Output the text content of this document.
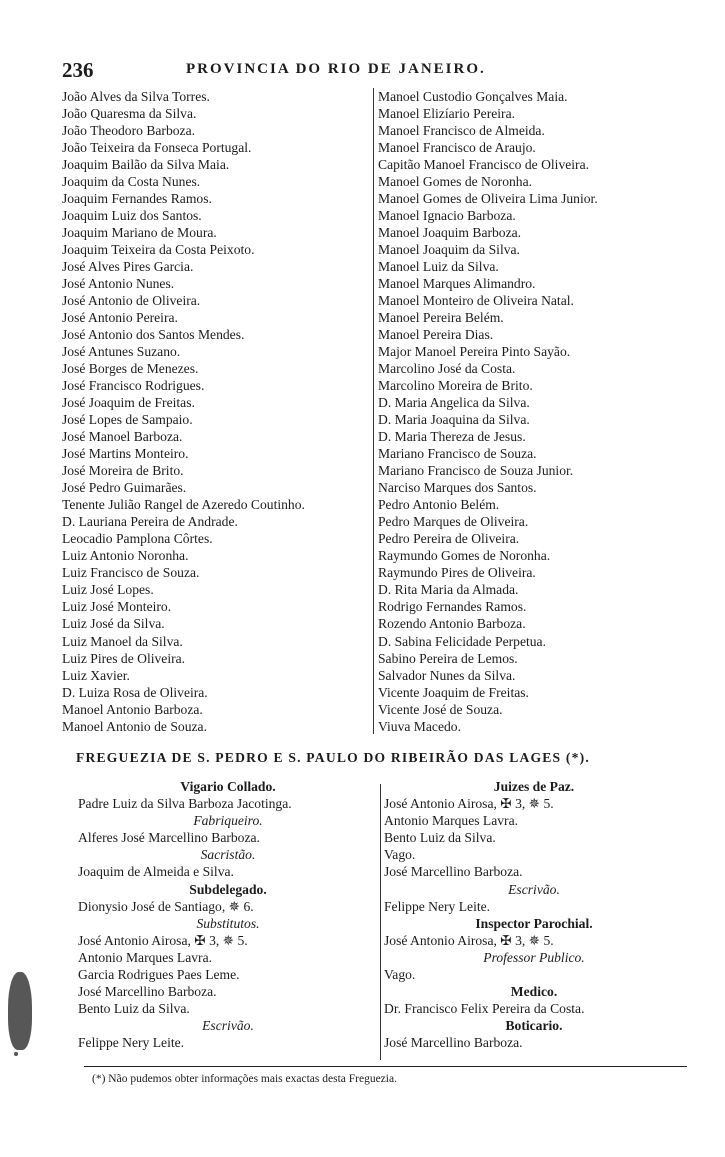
236	PROVINCIA DO RIO DE JANEIRO.
João Alves da Silva Torres.
João Quaresma da Silva.
João Theodoro Barboza.
João Teixeira da Fonseca Portugal.
Joaquim Bailão da Silva Maia.
Joaquim da Costa Nunes.
Joaquim Fernandes Ramos.
Joaquim Luiz dos Santos.
Joaquim Mariano de Moura.
Joaquim Teixeira da Costa Peixoto.
José Alves Pires Garcia.
José Antonio Nunes.
José Antonio de Oliveira.
José Antonio Pereira.
José Antonio dos Santos Mendes.
José Antunes Suzano.
José Borges de Menezes.
José Francisco Rodrigues.
José Joaquim de Freitas.
José Lopes de Sampaio.
José Manoel Barboza.
José Martins Monteiro.
José Moreira de Brito.
José Pedro Guimarães.
Tenente Julião Rangel de Azeredo Coutinho.
D. Lauriana Pereira de Andrade.
Leocadio Pamplona Côrtes.
Luiz Antonio Noronha.
Luiz Francisco de Souza.
Luiz José Lopes.
Luiz José Monteiro.
Luiz José da Silva.
Luiz Manoel da Silva.
Luiz Pires de Oliveira.
Luiz Xavier.
D. Luiza Rosa de Oliveira.
Manoel Antonio Barboza.
Manoel Antonio de Souza.
Manoel Custodio Gonçalves Maia.
Manoel Elizíario Pereira.
Manoel Francisco de Almeida.
Manoel Francisco de Araujo.
Capitão Manoel Francisco de Oliveira.
Manoel Gomes de Noronha.
Manoel Gomes de Oliveira Lima Junior.
Manoel Ignacio Barboza.
Manoel Joaquim Barboza.
Manoel Joaquim da Silva.
Manoel Luiz da Silva.
Manoel Marques Alimandro.
Manoel Monteiro de Oliveira Natal.
Manoel Pereira Belém.
Manoel Pereira Dias.
Major Manoel Pereira Pinto Sayão.
Marcolino José da Costa.
Marcolino Moreira de Brito.
D. Maria Angelica da Silva.
D. Maria Joaquina da Silva.
D. Maria Thereza de Jesus.
Mariano Francisco de Souza.
Mariano Francisco de Souza Junior.
Narciso Marques dos Santos.
Pedro Antonio Belém.
Pedro Marques de Oliveira.
Pedro Pereira de Oliveira.
Raymundo Gomes de Noronha.
Raymundo Pires de Oliveira.
D. Rita Maria da Almada.
Rodrigo Fernandes Ramos.
Rozendo Antonio Barboza.
D. Sabina Felicidade Perpetua.
Sabino Pereira de Lemos.
Salvador Nunes da Silva.
Vicente Joaquim de Freitas.
Vicente José de Souza.
Viuva Macedo.
FREGUEZIA DE S. PEDRO E S. PAULO DO RIBEIRÃO DAS LAGES (*).
Vigario Collado.
Padre Luiz da Silva Barboza Jacotinga.
Fabriqueiro.
Alferes José Marcellino Barboza.
Sacristão.
Joaquim de Almeida e Silva.
Subdelegado.
Dionysio José de Santiago, ✵ 6.
Substitutos.
José Antonio Airosa, ✠ 3, ✵ 5.
Antonio Marques Lavra.
Garcia Rodrigues Paes Leme.
José Marcellino Barboza.
Bento Luiz da Silva.
Escrivão.
Felippe Nery Leite.
Juizes de Paz.
José Antonio Airosa, ✠ 3, ✵ 5.
Antonio Marques Lavra.
Bento Luiz da Silva.
Vago.
José Marcellino Barboza.
Escrivão.
Felippe Nery Leite.
Inspector Parochial.
José Antonio Airosa, ✠ 3, ✵ 5.
Professor Publico.
Vago.
Medico.
Dr. Francisco Felix Pereira da Costa.
Boticario.
José Marcellino Barboza.
(*) Não pudemos obter informações mais exactas desta Freguezia.
